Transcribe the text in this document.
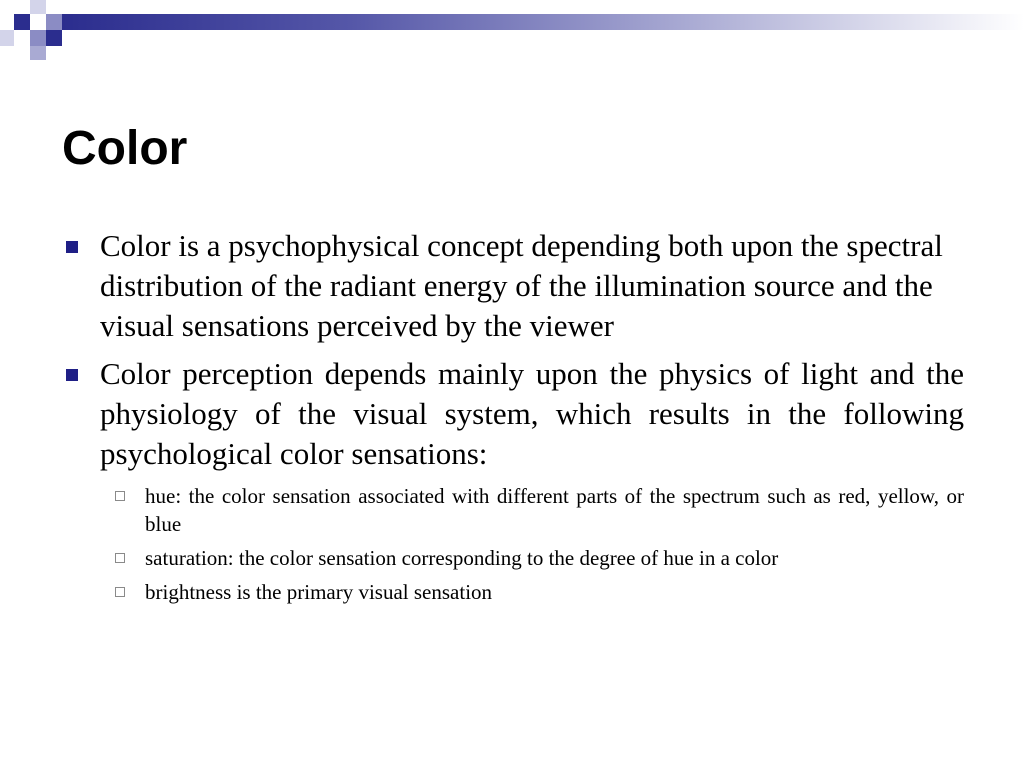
Color
Color is a psychophysical concept depending both upon the spectral distribution of the radiant energy of the illumination source and the visual sensations perceived by the viewer
Color perception depends mainly upon the physics of light and the physiology of the visual system, which results in the following psychological color sensations:
hue: the color sensation associated with different parts of the spectrum such as red, yellow, or blue
saturation: the color sensation corresponding to the degree of hue in a color
brightness is the primary visual sensation
